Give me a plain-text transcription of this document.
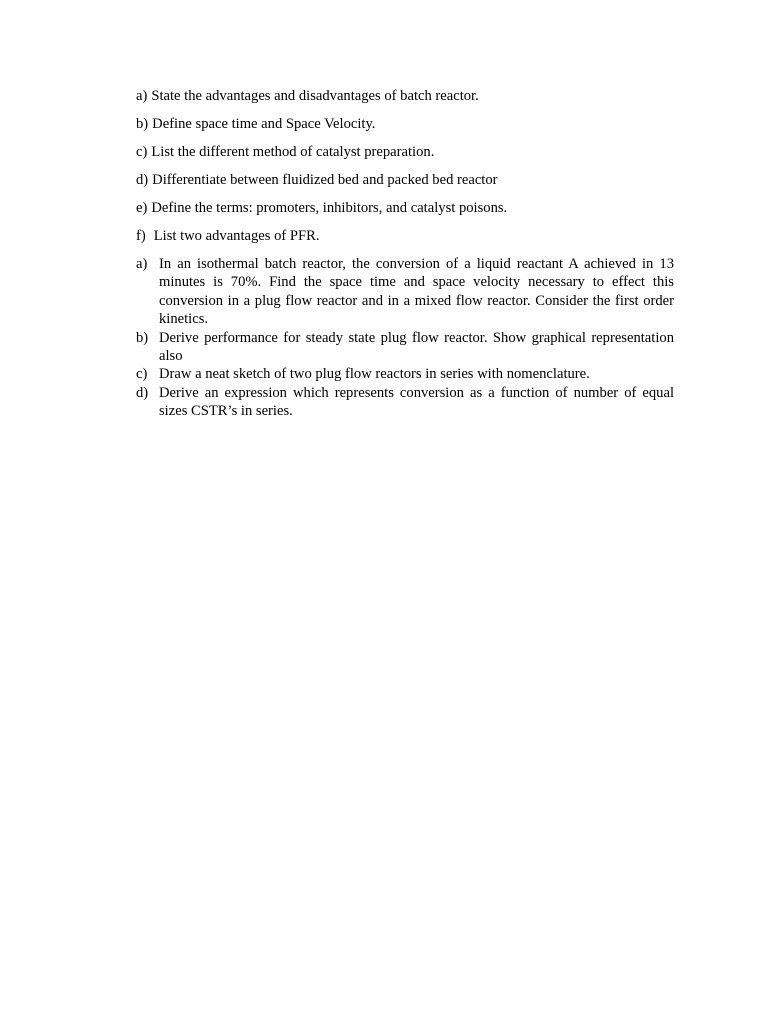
a) State the advantages and disadvantages of batch reactor.

b) Define space time and Space Velocity.

c) List the different method of catalyst preparation.

d) Differentiate between fluidized bed and packed bed reactor

e) Define the terms: promoters, inhibitors, and catalyst poisons.

f) List two advantages of PFR.

a) In an isothermal batch reactor, the conversion of a liquid reactant A achieved in 13 minutes is 70%. Find the space time and space velocity necessary to effect this conversion in a plug flow reactor and in a mixed flow reactor. Consider the first order kinetics.
b) Derive performance for steady state plug flow reactor. Show graphical representation also
c) Draw a neat sketch of two plug flow reactors in series with nomenclature.
d) Derive an expression which represents conversion as a function of number of equal sizes CSTR’s in series.
